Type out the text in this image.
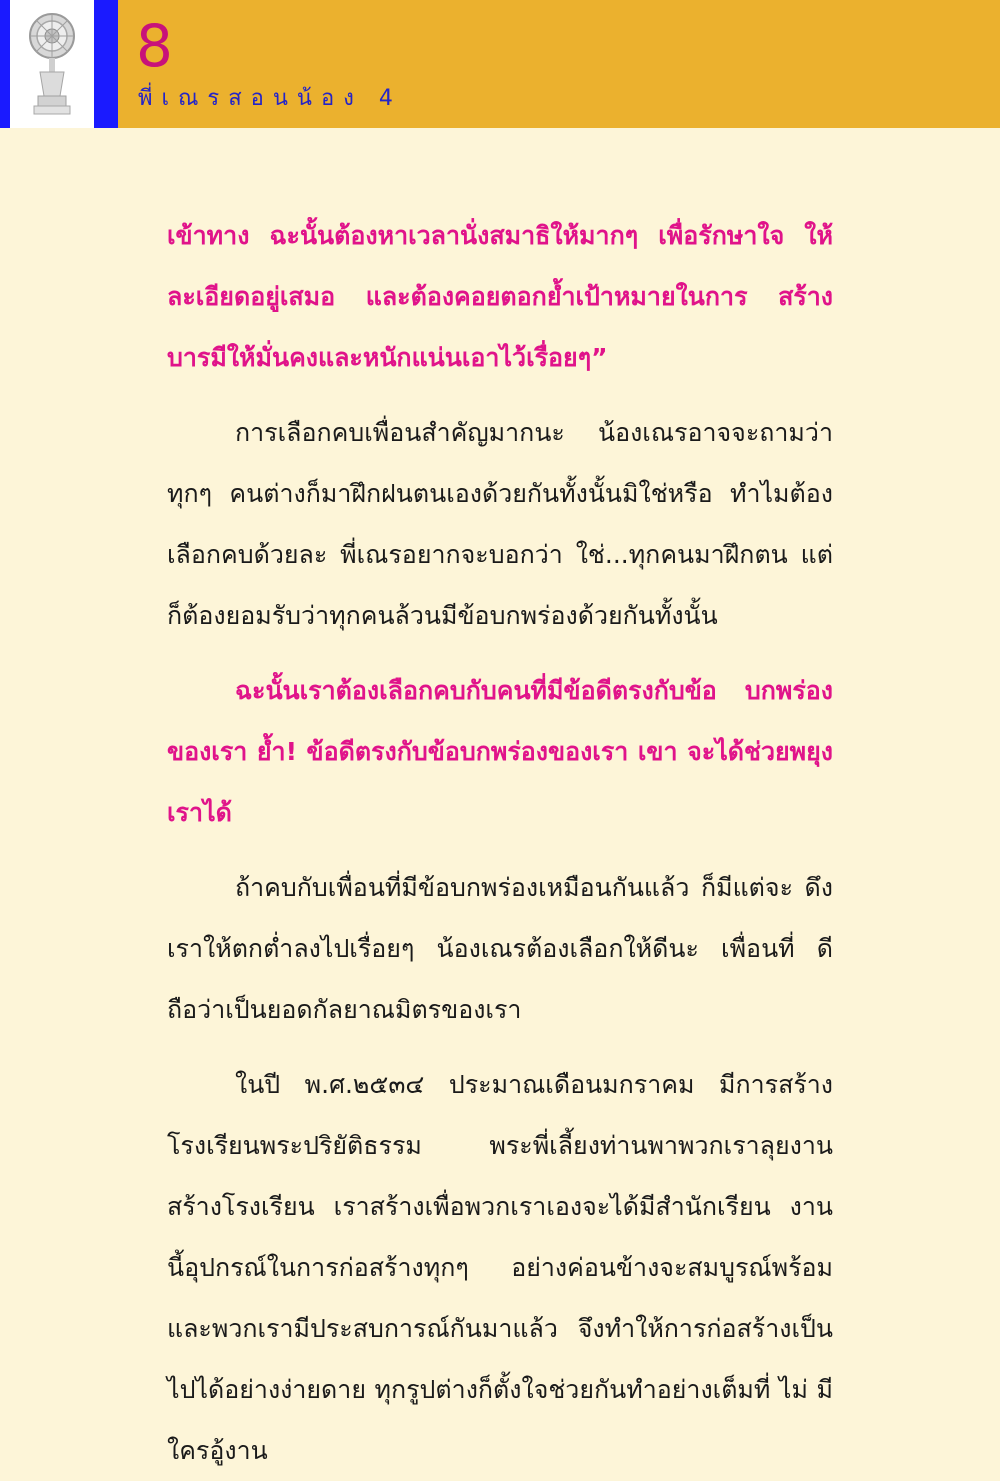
8
พี่เณรสอนน้อง 4

เข้าทาง ฉะนั้นต้องหาเวลานั่งสมาธิให้มากๆ เพื่อรักษาใจ ให้ละเอียดอยู่เสมอ และต้องคอยตอกย้ำเป้าหมายในการ สร้างบารมีให้มั่นคงและหนักแน่นเอาไว้เรื่อยๆ”

การเลือกคบเพื่อนสำคัญมากนะ น้องเณรอาจจะถามว่า ทุกๆ คนต่างก็มาฝึกฝนตนเองด้วยกันทั้งนั้นมิใช่หรือ ทำไมต้อง เลือกคบด้วยละ พี่เณรอยากจะบอกว่า ใช่...ทุกคนมาฝึกตน แต่ ก็ต้องยอมรับว่าทุกคนล้วนมีข้อบกพร่องด้วยกันทั้งนั้น

ฉะนั้นเราต้องเลือกคบกับคนที่มีข้อดีตรงกับข้อ บกพร่องของเรา ย้ำ! ข้อดีตรงกับข้อบกพร่องของเรา เขา จะได้ช่วยพยุงเราได้

ถ้าคบกับเพื่อนที่มีข้อบกพร่องเหมือนกันแล้ว ก็มีแต่จะ ดึงเราให้ตกต่ำลงไปเรื่อยๆ น้องเณรต้องเลือกให้ดีนะ เพื่อนที่ ดีถือว่าเป็นยอดกัลยาณมิตรของเรา

ในปี พ.ศ.๒๕๓๔ ประมาณเดือนมกราคม มีการสร้าง โรงเรียนพระปริยัติธรรม พระพี่เลี้ยงท่านพาพวกเราลุยงาน สร้างโรงเรียน เราสร้างเพื่อพวกเราเองจะได้มีสำนักเรียน งาน นี้อุปกรณ์ในการก่อสร้างทุกๆ อย่างค่อนข้างจะสมบูรณ์พร้อม และพวกเรามีประสบการณ์กันมาแล้ว จึงทำให้การก่อสร้างเป็น ไปได้อย่างง่ายดาย ทุกรูปต่างก็ตั้งใจช่วยกันทำอย่างเต็มที่ ไม่ มีใครอู้งาน
